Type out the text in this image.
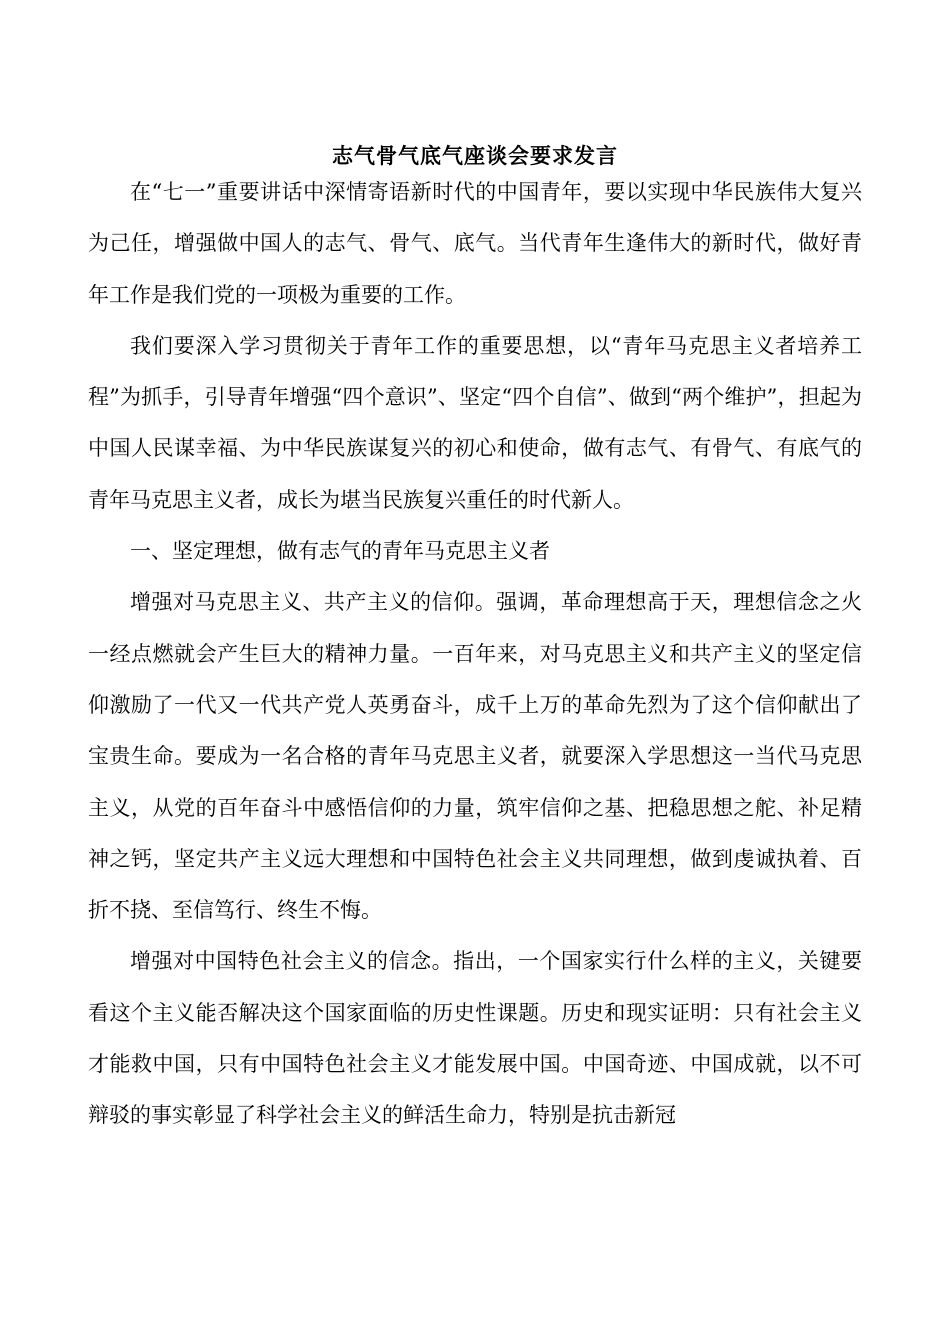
志气骨气底气座谈会要求发言

在“七一”重要讲话中深情寄语新时代的中国青年，要以实现中华民族伟大复兴为己任，增强做中国人的志气、骨气、底气。当代青年生逢伟大的新时代，做好青年工作是我们党的一项极为重要的工作。

我们要深入学习贯彻关于青年工作的重要思想，以“青年马克思主义者培养工程”为抓手，引导青年增强“四个意识”、坚定“四个自信”、做到“两个维护”，担起为中国人民谋幸福、为中华民族谋复兴的初心和使命，做有志气、有骨气、有底气的青年马克思主义者，成长为堪当民族复兴重任的时代新人。

一、坚定理想，做有志气的青年马克思主义者

增强对马克思主义、共产主义的信仰。强调，革命理想高于天，理想信念之火一经点燃就会产生巨大的精神力量。一百年来，对马克思主义和共产主义的坚定信仰激励了一代又一代共产党人英勇奋斗，成千上万的革命先烈为了这个信仰献出了宝贵生命。要成为一名合格的青年马克思主义者，就要深入学思想这一当代马克思主义，从党的百年奋斗中感悟信仰的力量，筑牢信仰之基、把稳思想之舵、补足精神之钙，坚定共产主义远大理想和中国特色社会主义共同理想，做到虔诚执着、百折不挠、至信笃行、终生不悔。

增强对中国特色社会主义的信念。指出，一个国家实行什么样的主义，关键要看这个主义能否解决这个国家面临的历史性课题。历史和现实证明：只有社会主义才能救中国，只有中国特色社会主义才能发展中国。中国奇迹、中国成就，以不可辩驳的事实彰显了科学社会主义的鲜活生命力，特别是抗击新冠
